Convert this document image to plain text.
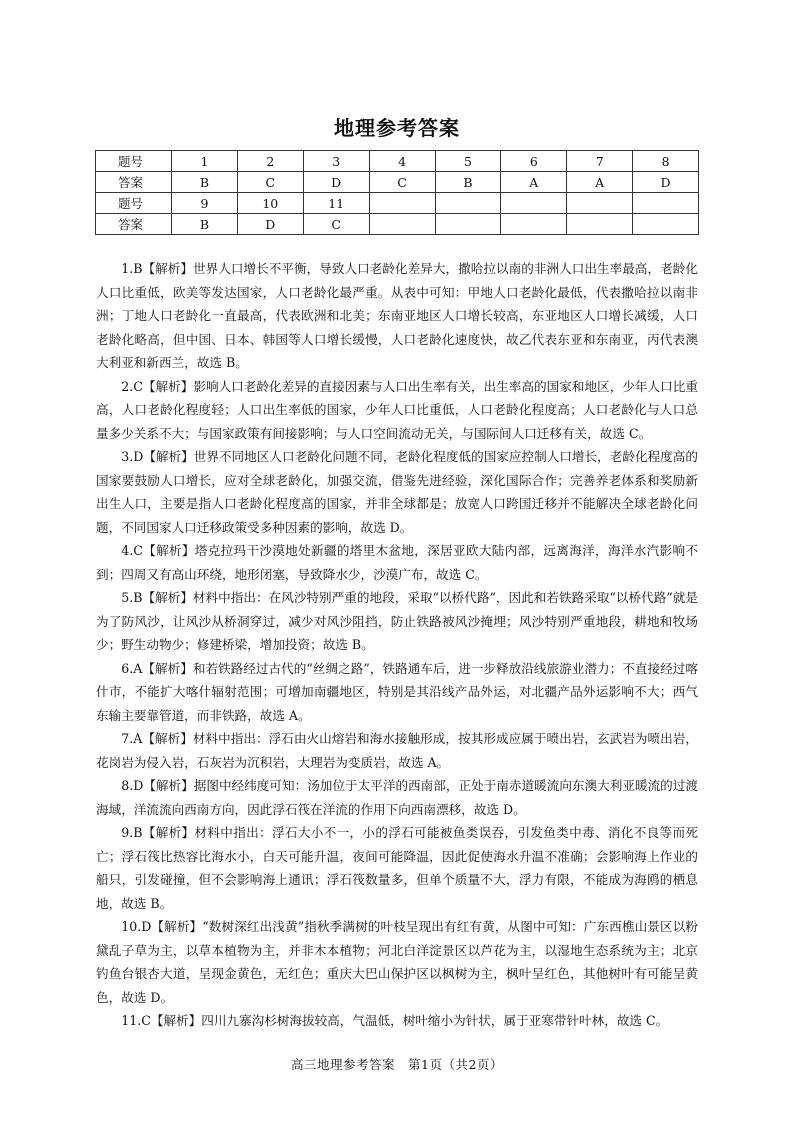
地理参考答案
题号	1	2	3	4	5	6	7	8
答案	B	C	D	C	B	A	A	D
题号	9	10	11					
答案	B	D	C					

1.B【解析】世界人口增长不平衡，导致人口老龄化差异大，撒哈拉以南的非洲人口出生率最高，老龄化人口比重低，欧美等发达国家，人口老龄化最严重。从表中可知：甲地人口老龄化最低，代表撒哈拉以南非洲；丁地人口老龄化一直最高，代表欧洲和北美；东南亚地区人口增长较高，东亚地区人口增长减缓，人口老龄化略高，但中国、日本、韩国等人口增长缓慢，人口老龄化速度快，故乙代表东亚和东南亚，丙代表澳大利亚和新西兰，故选 B。

2.C【解析】影响人口老龄化差异的直接因素与人口出生率有关，出生率高的国家和地区，少年人口比重高，人口老龄化程度轻；人口出生率低的国家，少年人口比重低，人口老龄化程度高；人口老龄化与人口总量多少关系不大；与国家政策有间接影响；与人口空间流动无关，与国际间人口迁移有关，故选 C。

3.D【解析】世界不同地区人口老龄化问题不同，老龄化程度低的国家应控制人口增长，老龄化程度高的国家要鼓励人口增长，应对全球老龄化，加强交流，借鉴先进经验，深化国际合作；完善养老体系和奖励新出生人口，主要是指人口老龄化程度高的国家，并非全球都是；放宽人口跨国迁移并不能解决全球老龄化问题，不同国家人口迁移政策受多种因素的影响，故选 D。

4.C【解析】塔克拉玛干沙漠地处新疆的塔里木盆地，深居亚欧大陆内部，远离海洋，海洋水汽影响不到；四周又有高山环绕，地形闭塞，导致降水少，沙漠广布，故选 C。

5.B【解析】材料中指出：在风沙特别严重的地段，采取“以桥代路”，因此和若铁路采取“以桥代路”就是为了防风沙，让风沙从桥洞穿过，减少对风沙阻挡，防止铁路被风沙掩埋；风沙特别严重地段，耕地和牧场少；野生动物少；修建桥梁，增加投资；故选 B。

6.A【解析】和若铁路经过古代的“丝绸之路”，铁路通车后，进一步释放沿线旅游业潜力；不直接经过喀什市，不能扩大喀什辐射范围；可增加南疆地区，特别是其沿线产品外运，对北疆产品外运影响不大；西气东输主要靠管道，而非铁路，故选 A。

7.A【解析】材料中指出：浮石由火山熔岩和海水接触形成，按其形成应属于喷出岩，玄武岩为喷出岩，花岗岩为侵入岩，石灰岩为沉积岩，大理岩为变质岩，故选 A。

8.D【解析】据图中经纬度可知：汤加位于太平洋的西南部，正处于南赤道暖流向东澳大利亚暖流的过渡海域，洋流流向西南方向，因此浮石筏在洋流的作用下向西南漂移，故选 D。

9.B【解析】材料中指出：浮石大小不一，小的浮石可能被鱼类误吞，引发鱼类中毒、消化不良等而死亡；浮石筏比热容比海水小，白天可能升温，夜间可能降温，因此促使海水升温不准确；会影响海上作业的船只，引发碰撞，但不会影响海上通讯；浮石筏数量多，但单个质量不大，浮力有限，不能成为海鸥的栖息地，故选 B。

10.D【解析】“数树深红出浅黄”指秋季满树的叶枝呈现出有红有黄，从图中可知：广东西樵山景区以粉黛乱子草为主，以草本植物为主，并非木本植物；河北白洋淀景区以芦花为主，以湿地生态系统为主；北京钓鱼台银杏大道，呈现金黄色，无红色；重庆大巴山保护区以枫树为主，枫叶呈红色，其他树叶有可能呈黄色，故选 D。

11.C【解析】四川九寨沟杉树海拔较高，气温低，树叶缩小为针状，属于亚寒带针叶林，故选 C。

高三地理参考答案　第1页（共2页）
